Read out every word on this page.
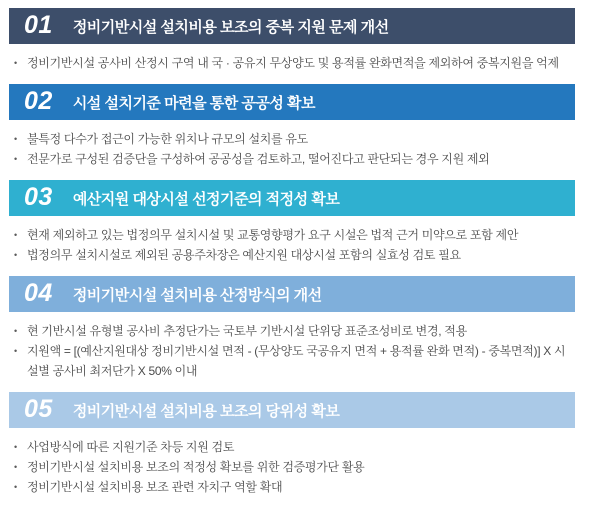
01 정비기반시설 설치비용 보조의 중복 지원 문제 개선
• 정비기반시설 공사비 산정시 구역 내 국 · 공유지 무상양도 및 용적률 완화면적을 제외하여 중복지원을 억제
02 시설 설치기준 마련을 통한 공공성 확보
• 불특정 다수가 접근이 가능한 위치나 규모의 설치를 유도
• 전문가로 구성된 검증단을 구성하여 공공성을 검토하고, 떨어진다고 판단되는 경우 지원 제외
03 예산지원 대상시설 선정기준의 적정성 확보
• 현재 제외하고 있는 법정의무 설치시설 및 교통영향평가 요구 시설은 법적 근거 미약으로 포함 제안
• 법정의무 설치시설로 제외된 공용주차장은 예산지원 대상시설 포함의 실효성 검토 필요
04 정비기반시설 설치비용 산정방식의 개선
• 현 기반시설 유형별 공사비 추정단가는 국토부 기반시설 단위당 표준조성비로 변경, 적용
• 지원액 = [(예산지원대상 정비기반시설 면적 - (무상양도 국공유지 면적 + 용적률 완화 면적) - 중복면적)] X 시설별 공사비 최저단가 X 50% 이내
05 정비기반시설 설치비용 보조의 당위성 확보
• 사업방식에 따른 지원기준 차등 지원 검토
• 정비기반시설 설치비용 보조의 적정성 확보를 위한 검증평가단 활용
• 정비기반시설 설치비용 보조 관련 자치구 역할 확대
